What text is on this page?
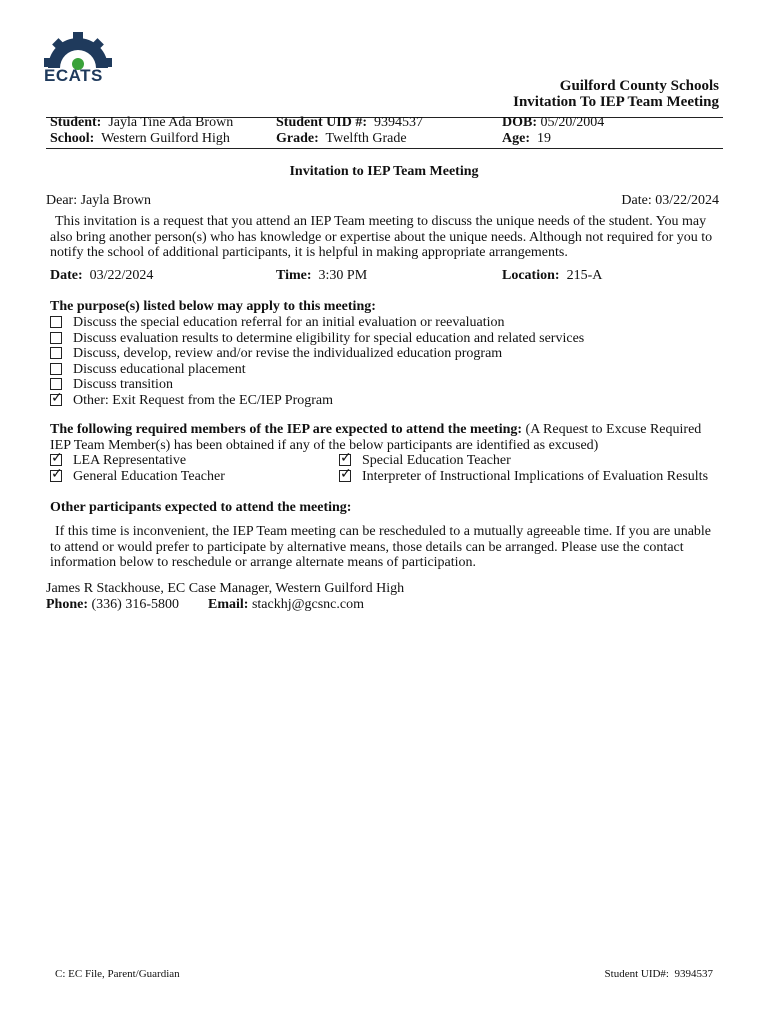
ECATS
Guilford County Schools
Invitation To IEP Team Meeting
Student: Jayla Tine Ada Brown	Student UID #: 9394537	DOB: 05/20/2004
School: Western Guilford High	Grade: Twelfth Grade	Age: 19
Invitation to IEP Team Meeting
Dear: Jayla Brown	Date: 03/22/2024
This invitation is a request that you attend an IEP Team meeting to discuss the unique needs of the student. You may also bring another person(s) who has knowledge or expertise about the unique needs. Although not required for you to notify the school of additional participants, it is helpful in making appropriate arrangements.
Date: 03/22/2024	Time: 3:30 PM	Location: 215-A
The purpose(s) listed below may apply to this meeting:
Discuss the special education referral for an initial evaluation or reevaluation
Discuss evaluation results to determine eligibility for special education and related services
Discuss, develop, review and/or revise the individualized education program
Discuss educational placement
Discuss transition
✓ Other: Exit Request from the EC/IEP Program
The following required members of the IEP are expected to attend the meeting: (A Request to Excuse Required
IEP Team Member(s) has been obtained if any of the below participants are identified as excused)
✓ LEA Representative	✓ Special Education Teacher
✓ General Education Teacher	✓ Interpreter of Instructional Implications of Evaluation Results
Other participants expected to attend the meeting:
If this time is inconvenient, the IEP Team meeting can be rescheduled to a mutually agreeable time. If you are unable to attend or would prefer to participate by alternative means, those details can be arranged. Please use the contact information below to reschedule or arrange alternate means of participation.
James R Stackhouse, EC Case Manager, Western Guilford High
Phone: (336) 316-5800 Email: stackhj@gcsnc.com
C: EC File, Parent/Guardian	Student UID#: 9394537
